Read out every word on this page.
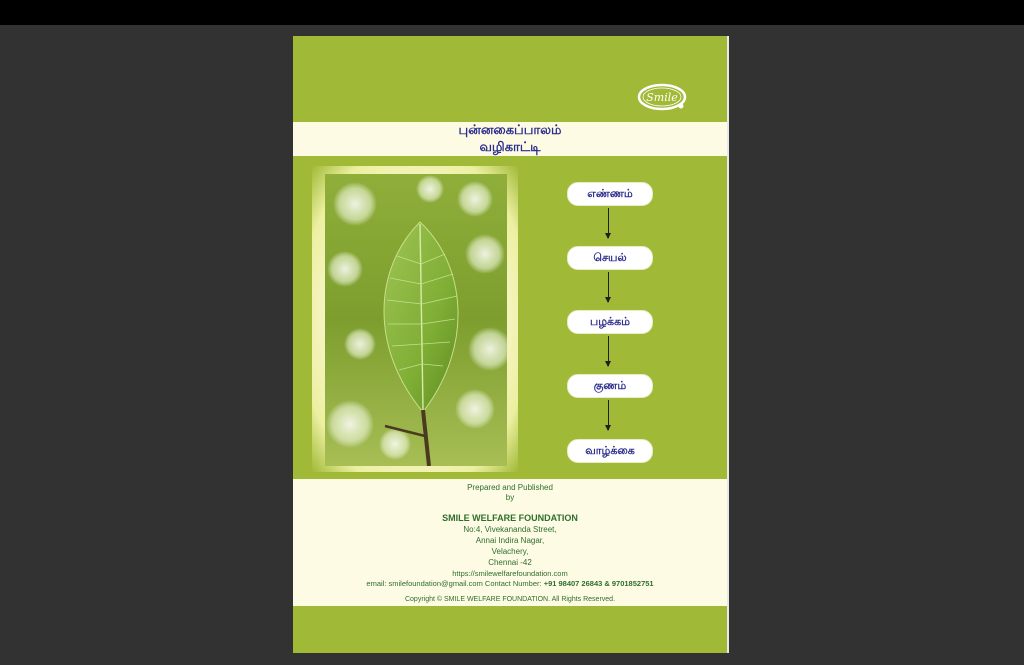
Smile
புன்னகைப்பாலம்
வழிகாட்டி
எண்ணம்
செயல்
பழக்கம்
குணம்
வாழ்க்கை
Prepared and Published
by
SMILE WELFARE FOUNDATION
No:4, Vivekananda Street,
Annai Indira Nagar,
Velachery,
Chennai -42
https://smilewelfarefoundation.com
email: smilefoundation@gmail.com Contact Number: +91 98407 26843 & 9701852751
Copyright © SMILE WELFARE FOUNDATION. All Rights Reserved.
